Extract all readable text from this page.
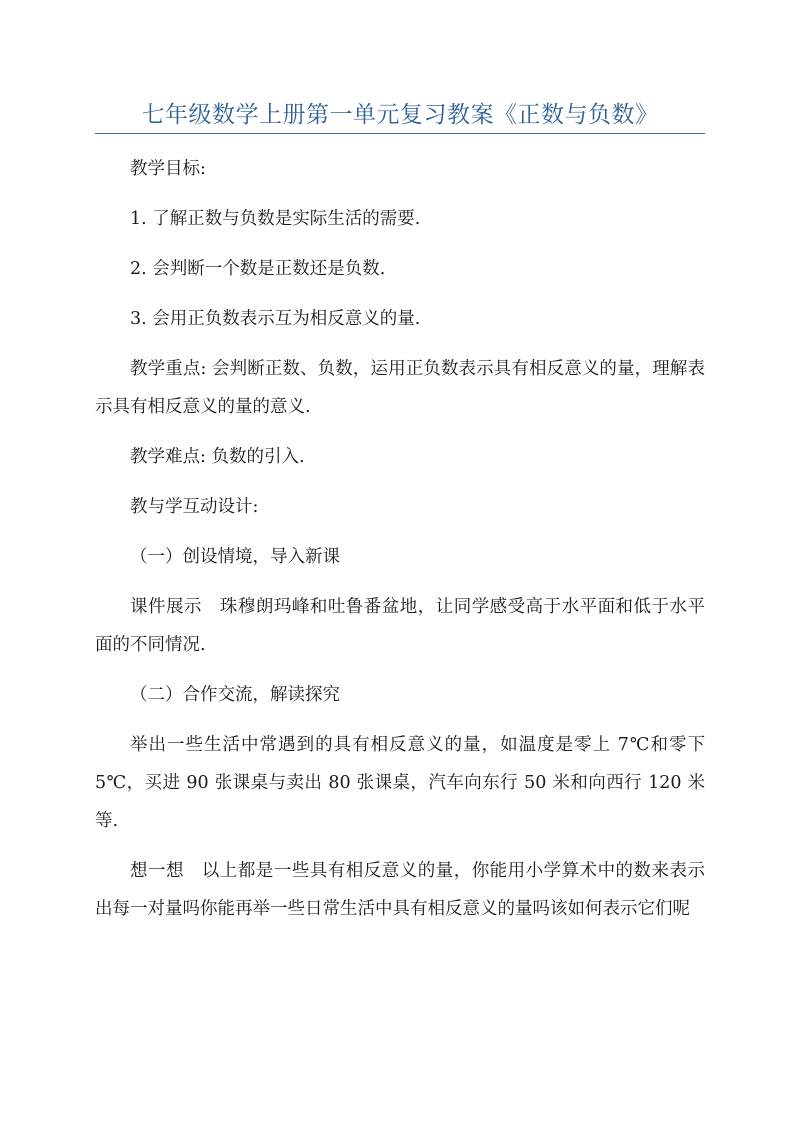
七年级数学上册第一单元复习教案《正数与负数》

教学目标:

1. 了解正数与负数是实际生活的需要.

2. 会判断一个数是正数还是负数.

3. 会用正负数表示互为相反意义的量.

教学重点: 会判断正数、负数，运用正负数表示具有相反意义的量，理解表示具有相反意义的量的意义.

教学难点: 负数的引入.

教与学互动设计:

（一）创设情境，导入新课

课件展示　珠穆朗玛峰和吐鲁番盆地，让同学感受高于水平面和低于水平面的不同情况.

（二）合作交流，解读探究

举出一些生活中常遇到的具有相反意义的量，如温度是零上 7℃和零下 5℃，买进 90 张课桌与卖出 80 张课桌，汽车向东行 50 米和向西行 120 米等.

想一想　以上都是一些具有相反意义的量，你能用小学算术中的数来表示出每一对量吗你能再举一些日常生活中具有相反意义的量吗该如何表示它们呢
